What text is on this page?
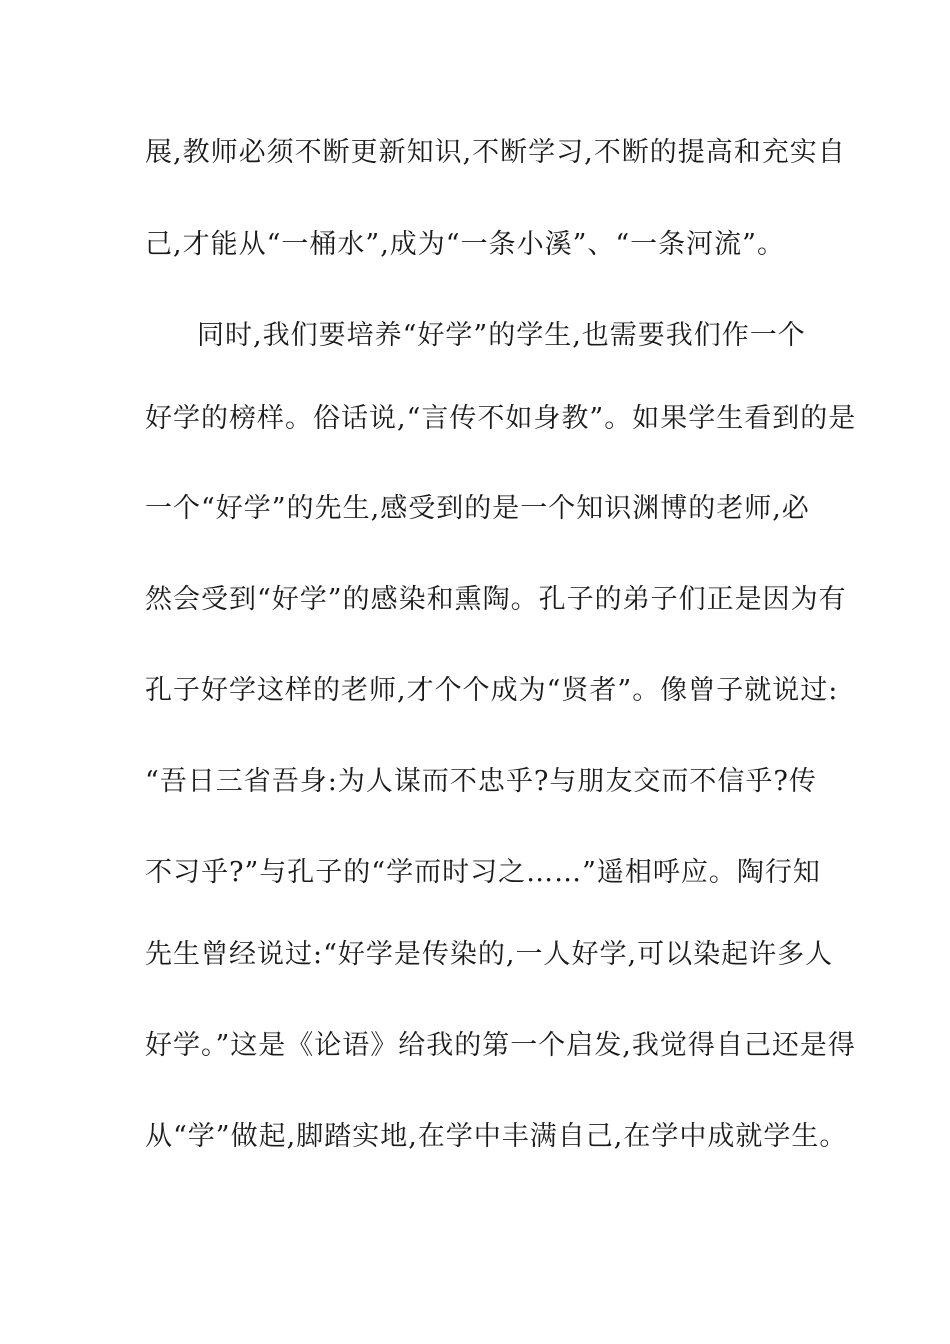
展,教师必须不断更新知识,不断学习,不断的提高和充实自
己,才能从“一桶水”,成为“一条小溪”、“一条河流”。
同时,我们要培养“好学”的学生,也需要我们作一个
好学的榜样。俗话说,“言传不如身教”。如果学生看到的是
一个“好学”的先生,感受到的是一个知识渊博的老师,必
然会受到“好学”的感染和熏陶。孔子的弟子们正是因为有
孔子好学这样的老师,才个个成为“贤者”。像曾子就说过:
“吾日三省吾身:为人谋而不忠乎?与朋友交而不信乎?传
不习乎?”与孔子的“学而时习之……”遥相呼应。陶行知
先生曾经说过:“好学是传染的,一人好学,可以染起许多人
好学。”这是《论语》给我的第一个启发,我觉得自己还是得
从“学”做起,脚踏实地,在学中丰满自己,在学中成就学生。
